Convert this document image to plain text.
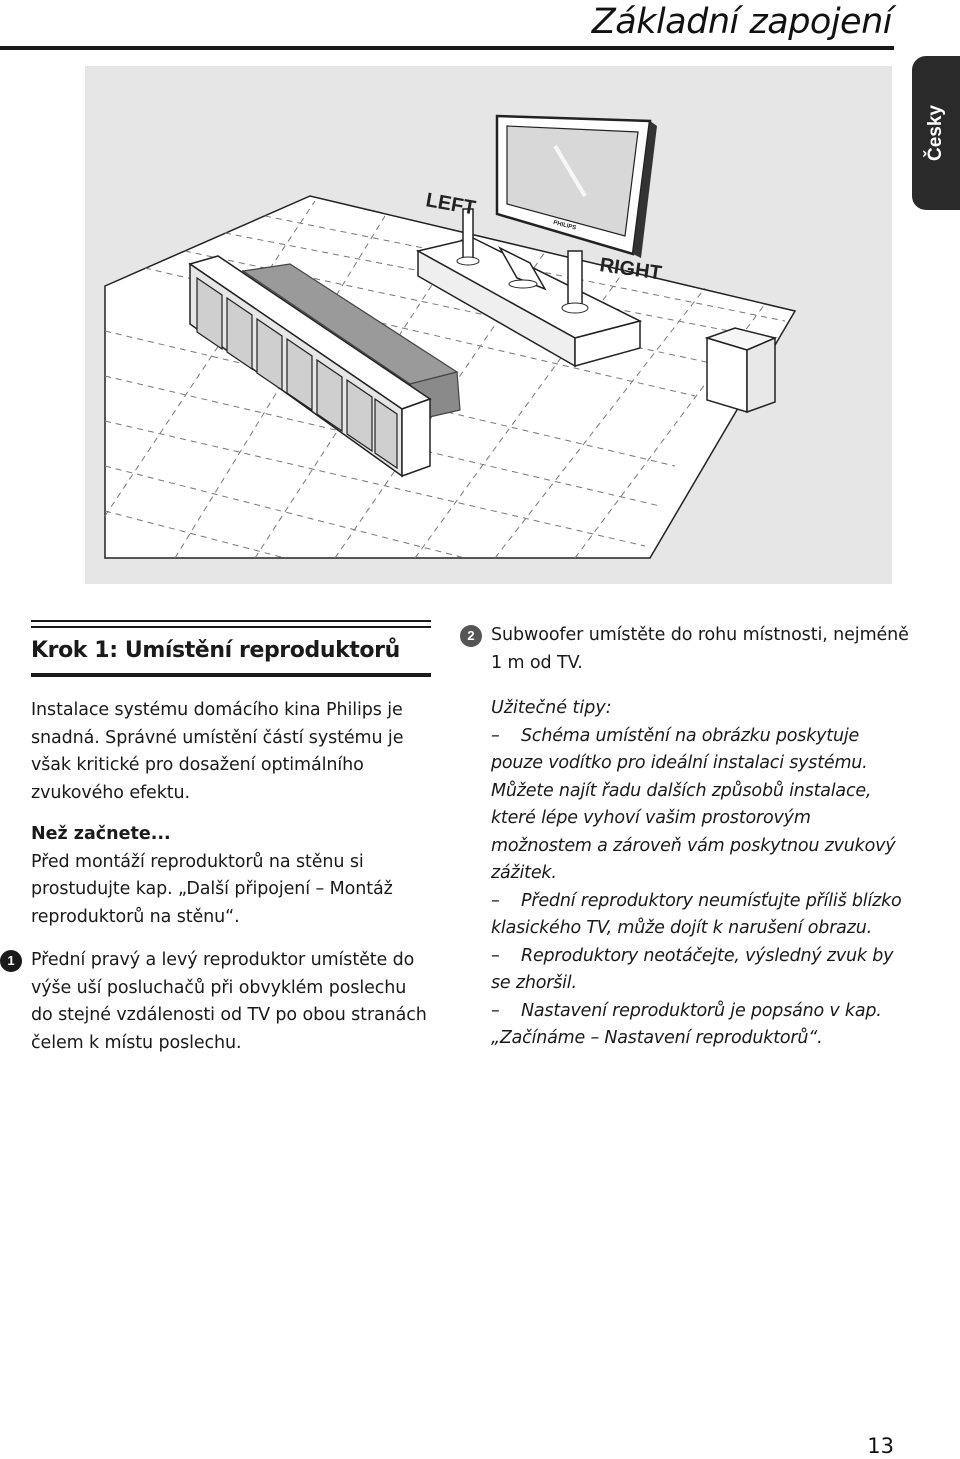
Základní zapojení
Česky
PHILIPS
LEFT
RIGHT
Krok 1: Umístění reproduktorů

Instalace systému domácího kina Philips je snadná. Správné umístění částí systému je však kritické pro dosažení optimálního zvukového efektu.

Než začnete...

Před montáží reproduktorů na stěnu si prostudujte kap. „Další připojení – Montáž reproduktorů na stěnu“.

1 Přední pravý a levý reproduktor umístěte do výše uší posluchačů při obvyklém poslechu do stejné vzdálenosti od TV po obou stranách čelem k místu poslechu.

2 Subwoofer umístěte do rohu místnosti, nejméně 1 m od TV.

Užitečné tipy:
– Schéma umístění na obrázku poskytuje pouze vodítko pro ideální instalaci systému. Můžete najít řadu dalších způsobů instalace, které lépe vyhoví vašim prostorovým možnostem a zároveň vám poskytnou zvukový zážitek.
– Přední reproduktory neumísťujte příliš blízko klasického TV, může dojít k narušení obrazu.
– Reproduktory neotáčejte, výsledný zvuk by se zhoršil.
– Nastavení reproduktorů je popsáno v kap. „Začínáme – Nastavení reproduktorů“.
13
